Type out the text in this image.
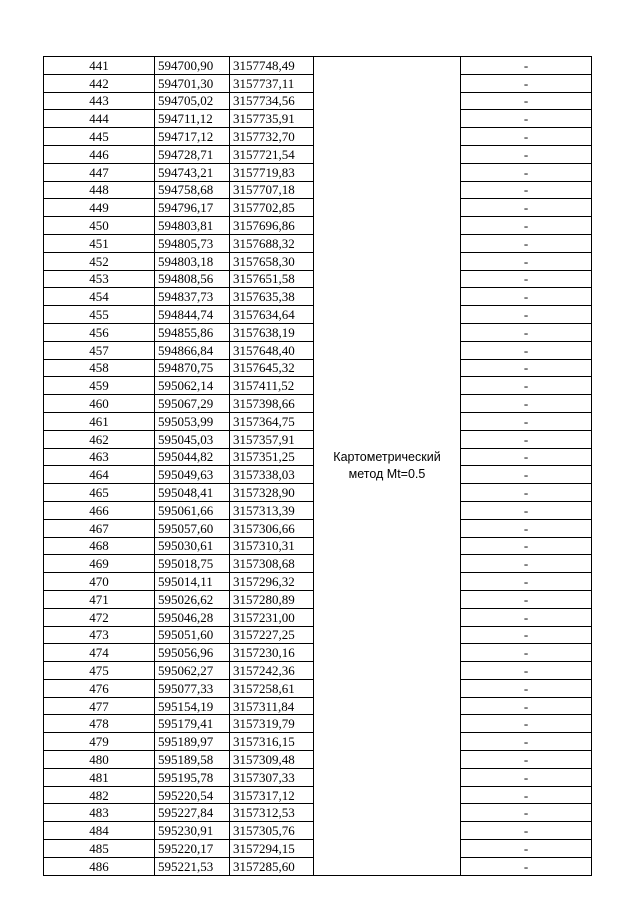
441	594700,90	3157748,49	Картометрический метод Mt=0.5	-
442	594701,30	3157737,11		-
443	594705,02	3157734,56		-
444	594711,12	3157735,91		-
445	594717,12	3157732,70		-
446	594728,71	3157721,54		-
447	594743,21	3157719,83		-
448	594758,68	3157707,18		-
449	594796,17	3157702,85		-
450	594803,81	3157696,86		-
451	594805,73	3157688,32		-
452	594803,18	3157658,30		-
453	594808,56	3157651,58		-
454	594837,73	3157635,38		-
455	594844,74	3157634,64		-
456	594855,86	3157638,19		-
457	594866,84	3157648,40		-
458	594870,75	3157645,32		-
459	595062,14	3157411,52		-
460	595067,29	3157398,66		-
461	595053,99	3157364,75		-
462	595045,03	3157357,91		-
463	595044,82	3157351,25		-
464	595049,63	3157338,03		-
465	595048,41	3157328,90		-
466	595061,66	3157313,39		-
467	595057,60	3157306,66		-
468	595030,61	3157310,31		-
469	595018,75	3157308,68		-
470	595014,11	3157296,32		-
471	595026,62	3157280,89		-
472	595046,28	3157231,00		-
473	595051,60	3157227,25		-
474	595056,96	3157230,16		-
475	595062,27	3157242,36		-
476	595077,33	3157258,61		-
477	595154,19	3157311,84		-
478	595179,41	3157319,79		-
479	595189,97	3157316,15		-
480	595189,58	3157309,48		-
481	595195,78	3157307,33		-
482	595220,54	3157317,12		-
483	595227,84	3157312,53		-
484	595230,91	3157305,76		-
485	595220,17	3157294,15		-
486	595221,53	3157285,60		-
